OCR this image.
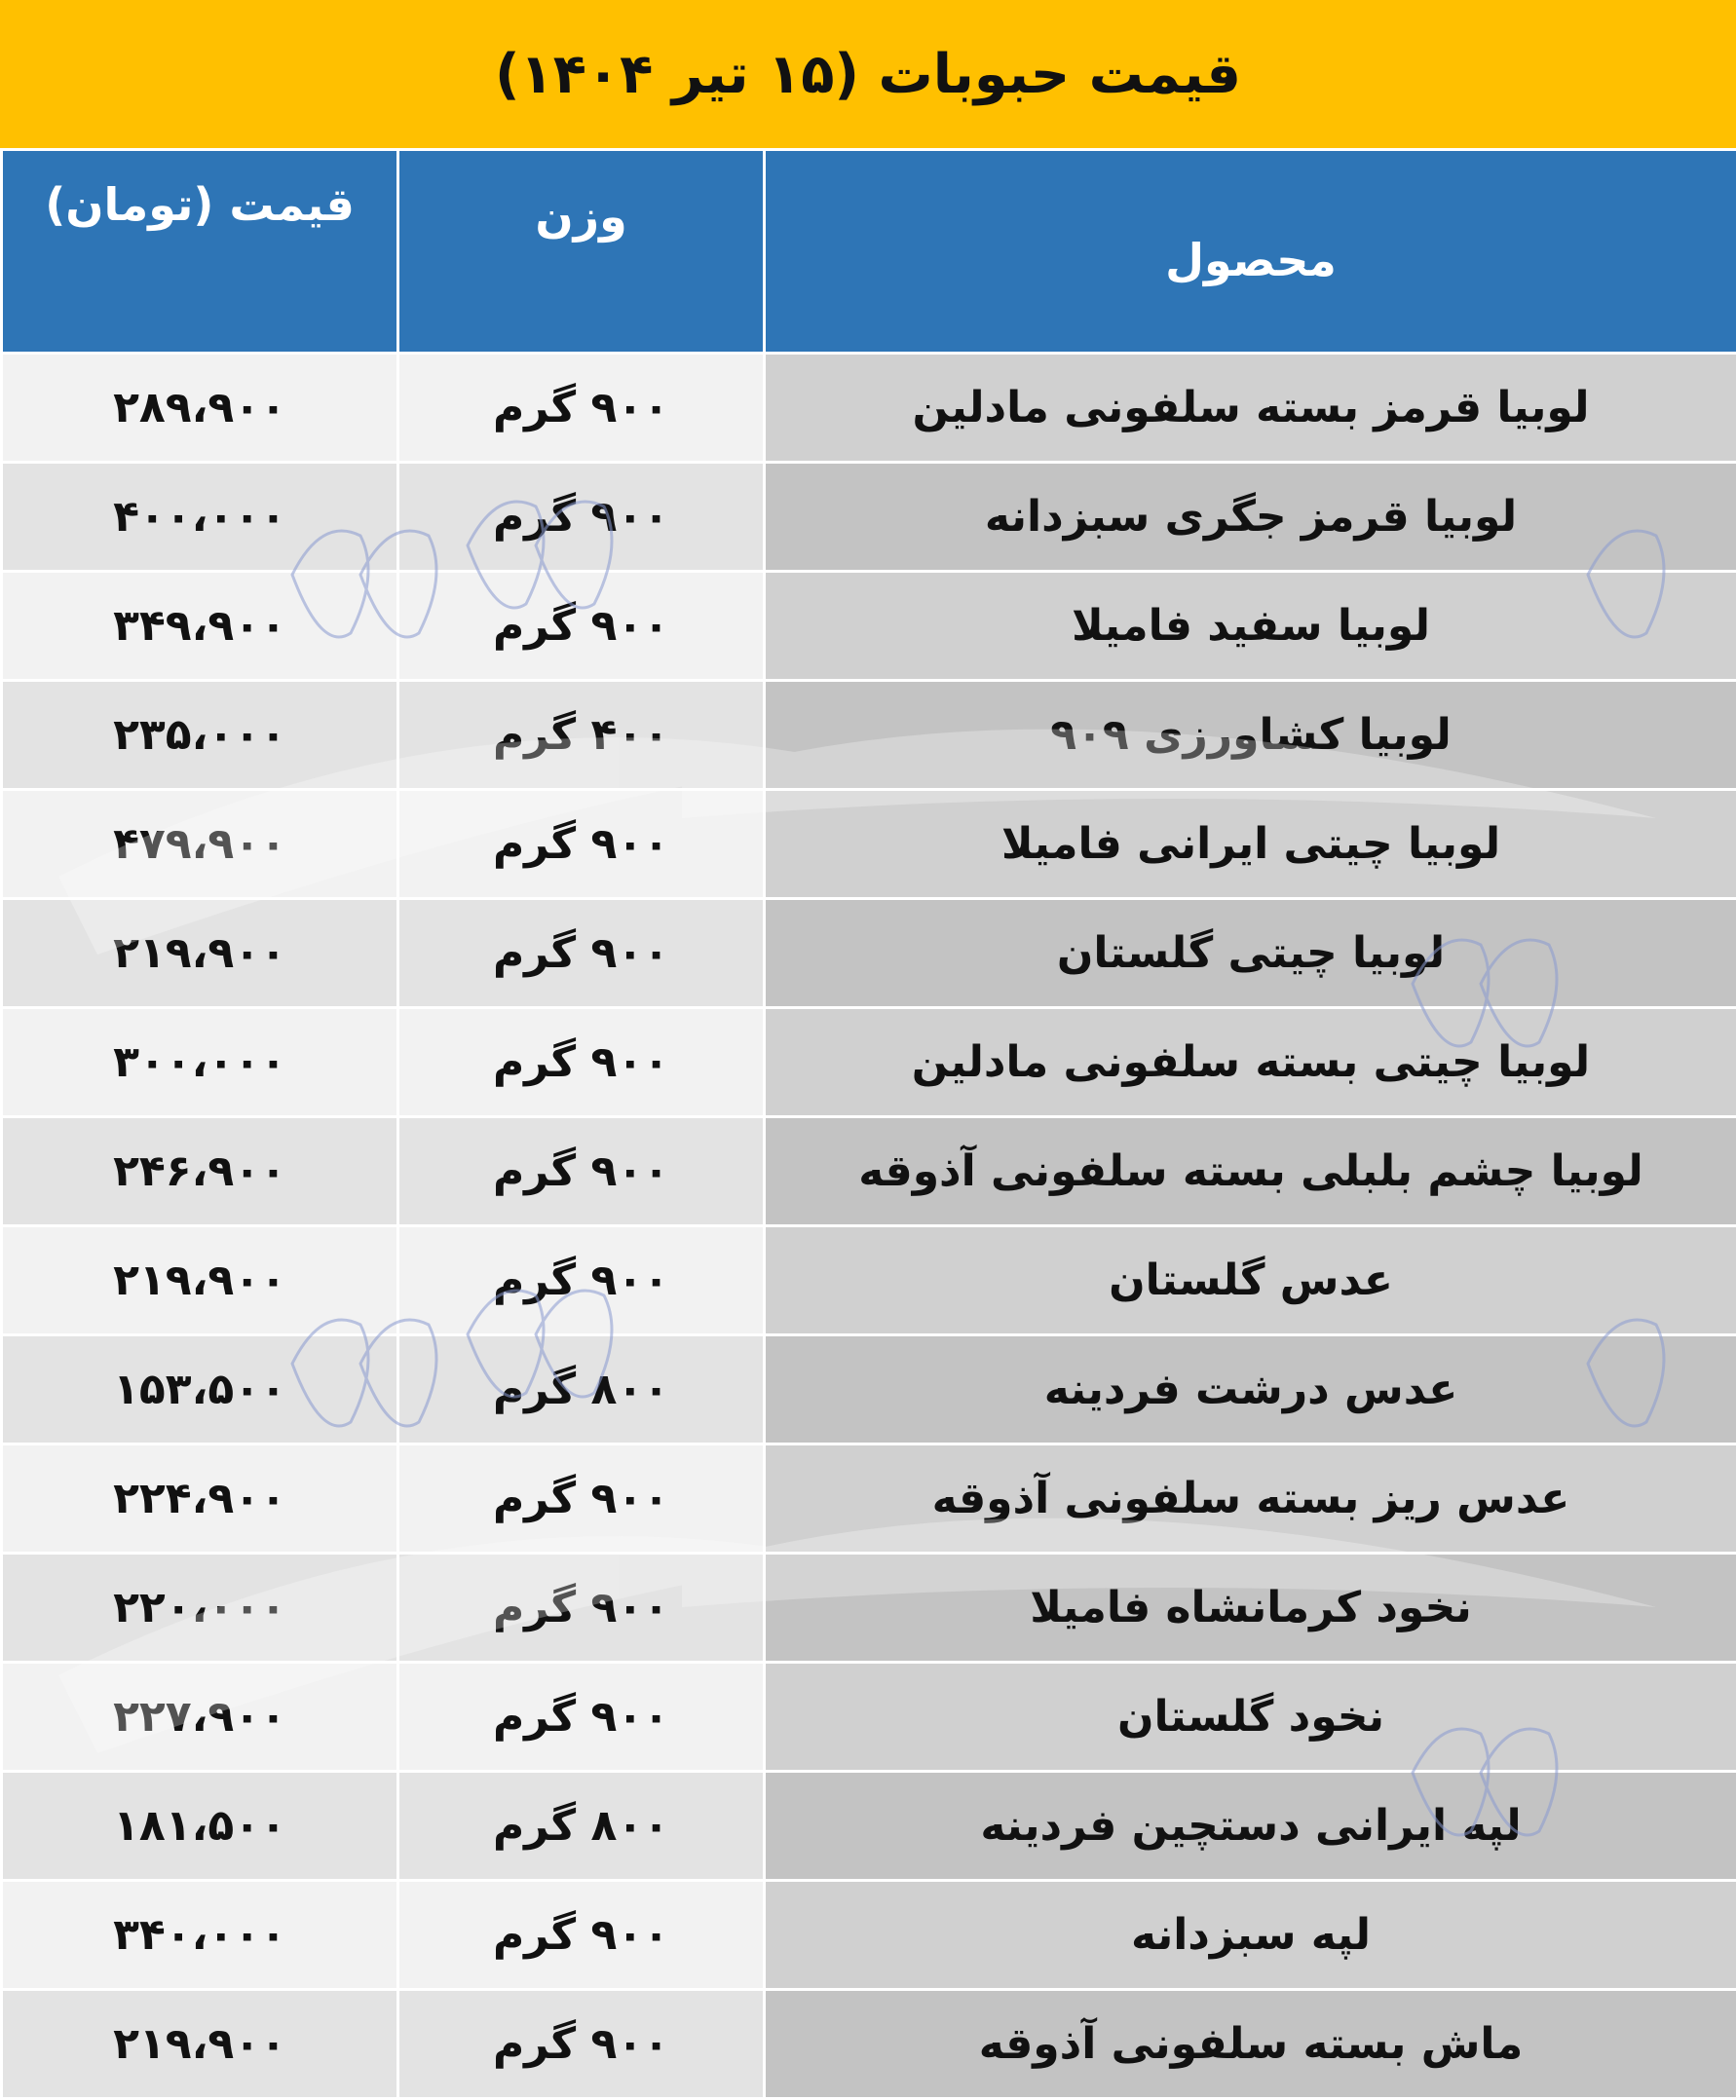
قیمت حبوبات (۱۵ تیر ۱۴۰۴)
قیمت (تومان)	وزن	محصول
۲۸۹،۹۰۰	۹۰۰ گرم	لوبیا قرمز بسته سلفونی مادلین
۴۰۰،۰۰۰	۹۰۰ گرم	لوبیا قرمز جگری سبزدانه
۳۴۹،۹۰۰	۹۰۰ گرم	لوبیا سفید فامیلا
۲۳۵،۰۰۰	۴۰۰ گرم	لوبیا کشاورزی ۹۰۹
۴۷۹،۹۰۰	۹۰۰ گرم	لوبیا چیتی ایرانی فامیلا
۲۱۹،۹۰۰	۹۰۰ گرم	لوبیا چیتی گلستان
۳۰۰،۰۰۰	۹۰۰ گرم	لوبیا چیتی بسته سلفونی مادلین
۲۴۶،۹۰۰	۹۰۰ گرم	لوبیا چشم بلبلی بسته سلفونی آذوقه
۲۱۹،۹۰۰	۹۰۰ گرم	عدس گلستان
۱۵۳،۵۰۰	۸۰۰ گرم	عدس درشت فردینه
۲۲۴،۹۰۰	۹۰۰ گرم	عدس ریز بسته سلفونی آذوقه
۲۲۰،۰۰۰	۹۰۰ گرم	نخود کرمانشاه فامیلا
۲۲۷،۹۰۰	۹۰۰ گرم	نخود گلستان
۱۸۱،۵۰۰	۸۰۰ گرم	لپه ایرانی دستچین فردینه
۳۴۰،۰۰۰	۹۰۰ گرم	لپه سبزدانه
۲۱۹،۹۰۰	۹۰۰ گرم	ماش بسته سلفونی آذوقه
